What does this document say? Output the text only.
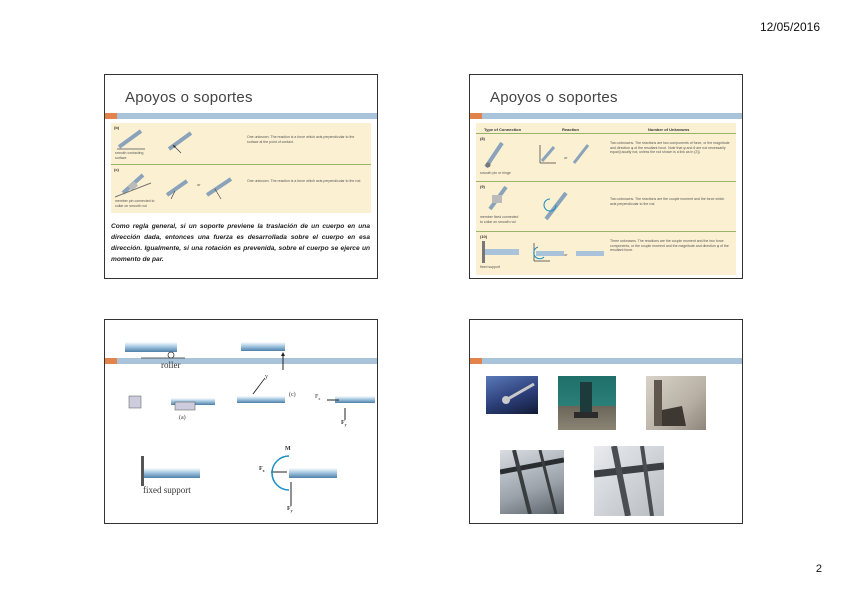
12/05/2016
Apoyos o soportes
(b)
(c)
smooth contacting surface
member pin connected to collar on smooth rod
One unknown. The reaction is a force which acts perpendicular to the surface at the point of contact.
One unknown. The reaction is a force which acts perpendicular to the rod.
or
Como regla general, si un soporte previene la traslación de un cuerpo en una dirección dada, entonces una fuerza es desarrollada sobre el cuerpo en esa dirección. Igualmente, si una rotación es prevenida, sobre el cuerpo se ejerce un momento de par.
Apoyos o soportes
Type of Connection	Reaction	Number of Unknowns
(8)
smooth pin or hinge
Two unknowns. The reactions are two components of force, or the magnitude and direction φ of the resultant force. Note that φ and θ are not necessarily equal [usually not, unless the rod shown is a link as in (2)].
(9)
member fixed connected to collar on smooth rod
Two unknowns. The reactions are the couple moment and the force which acts perpendicular to the rod.
(10)
fixed support
Three unknowns. The reactions are the couple moment and the two force components, or the couple moment and the magnitude and direction φ of the resultant force.
or
or
roller
fixed support
(a)
(c)
y
$F_x$
$F_y$
M
$F_x$
$F_y$
2
